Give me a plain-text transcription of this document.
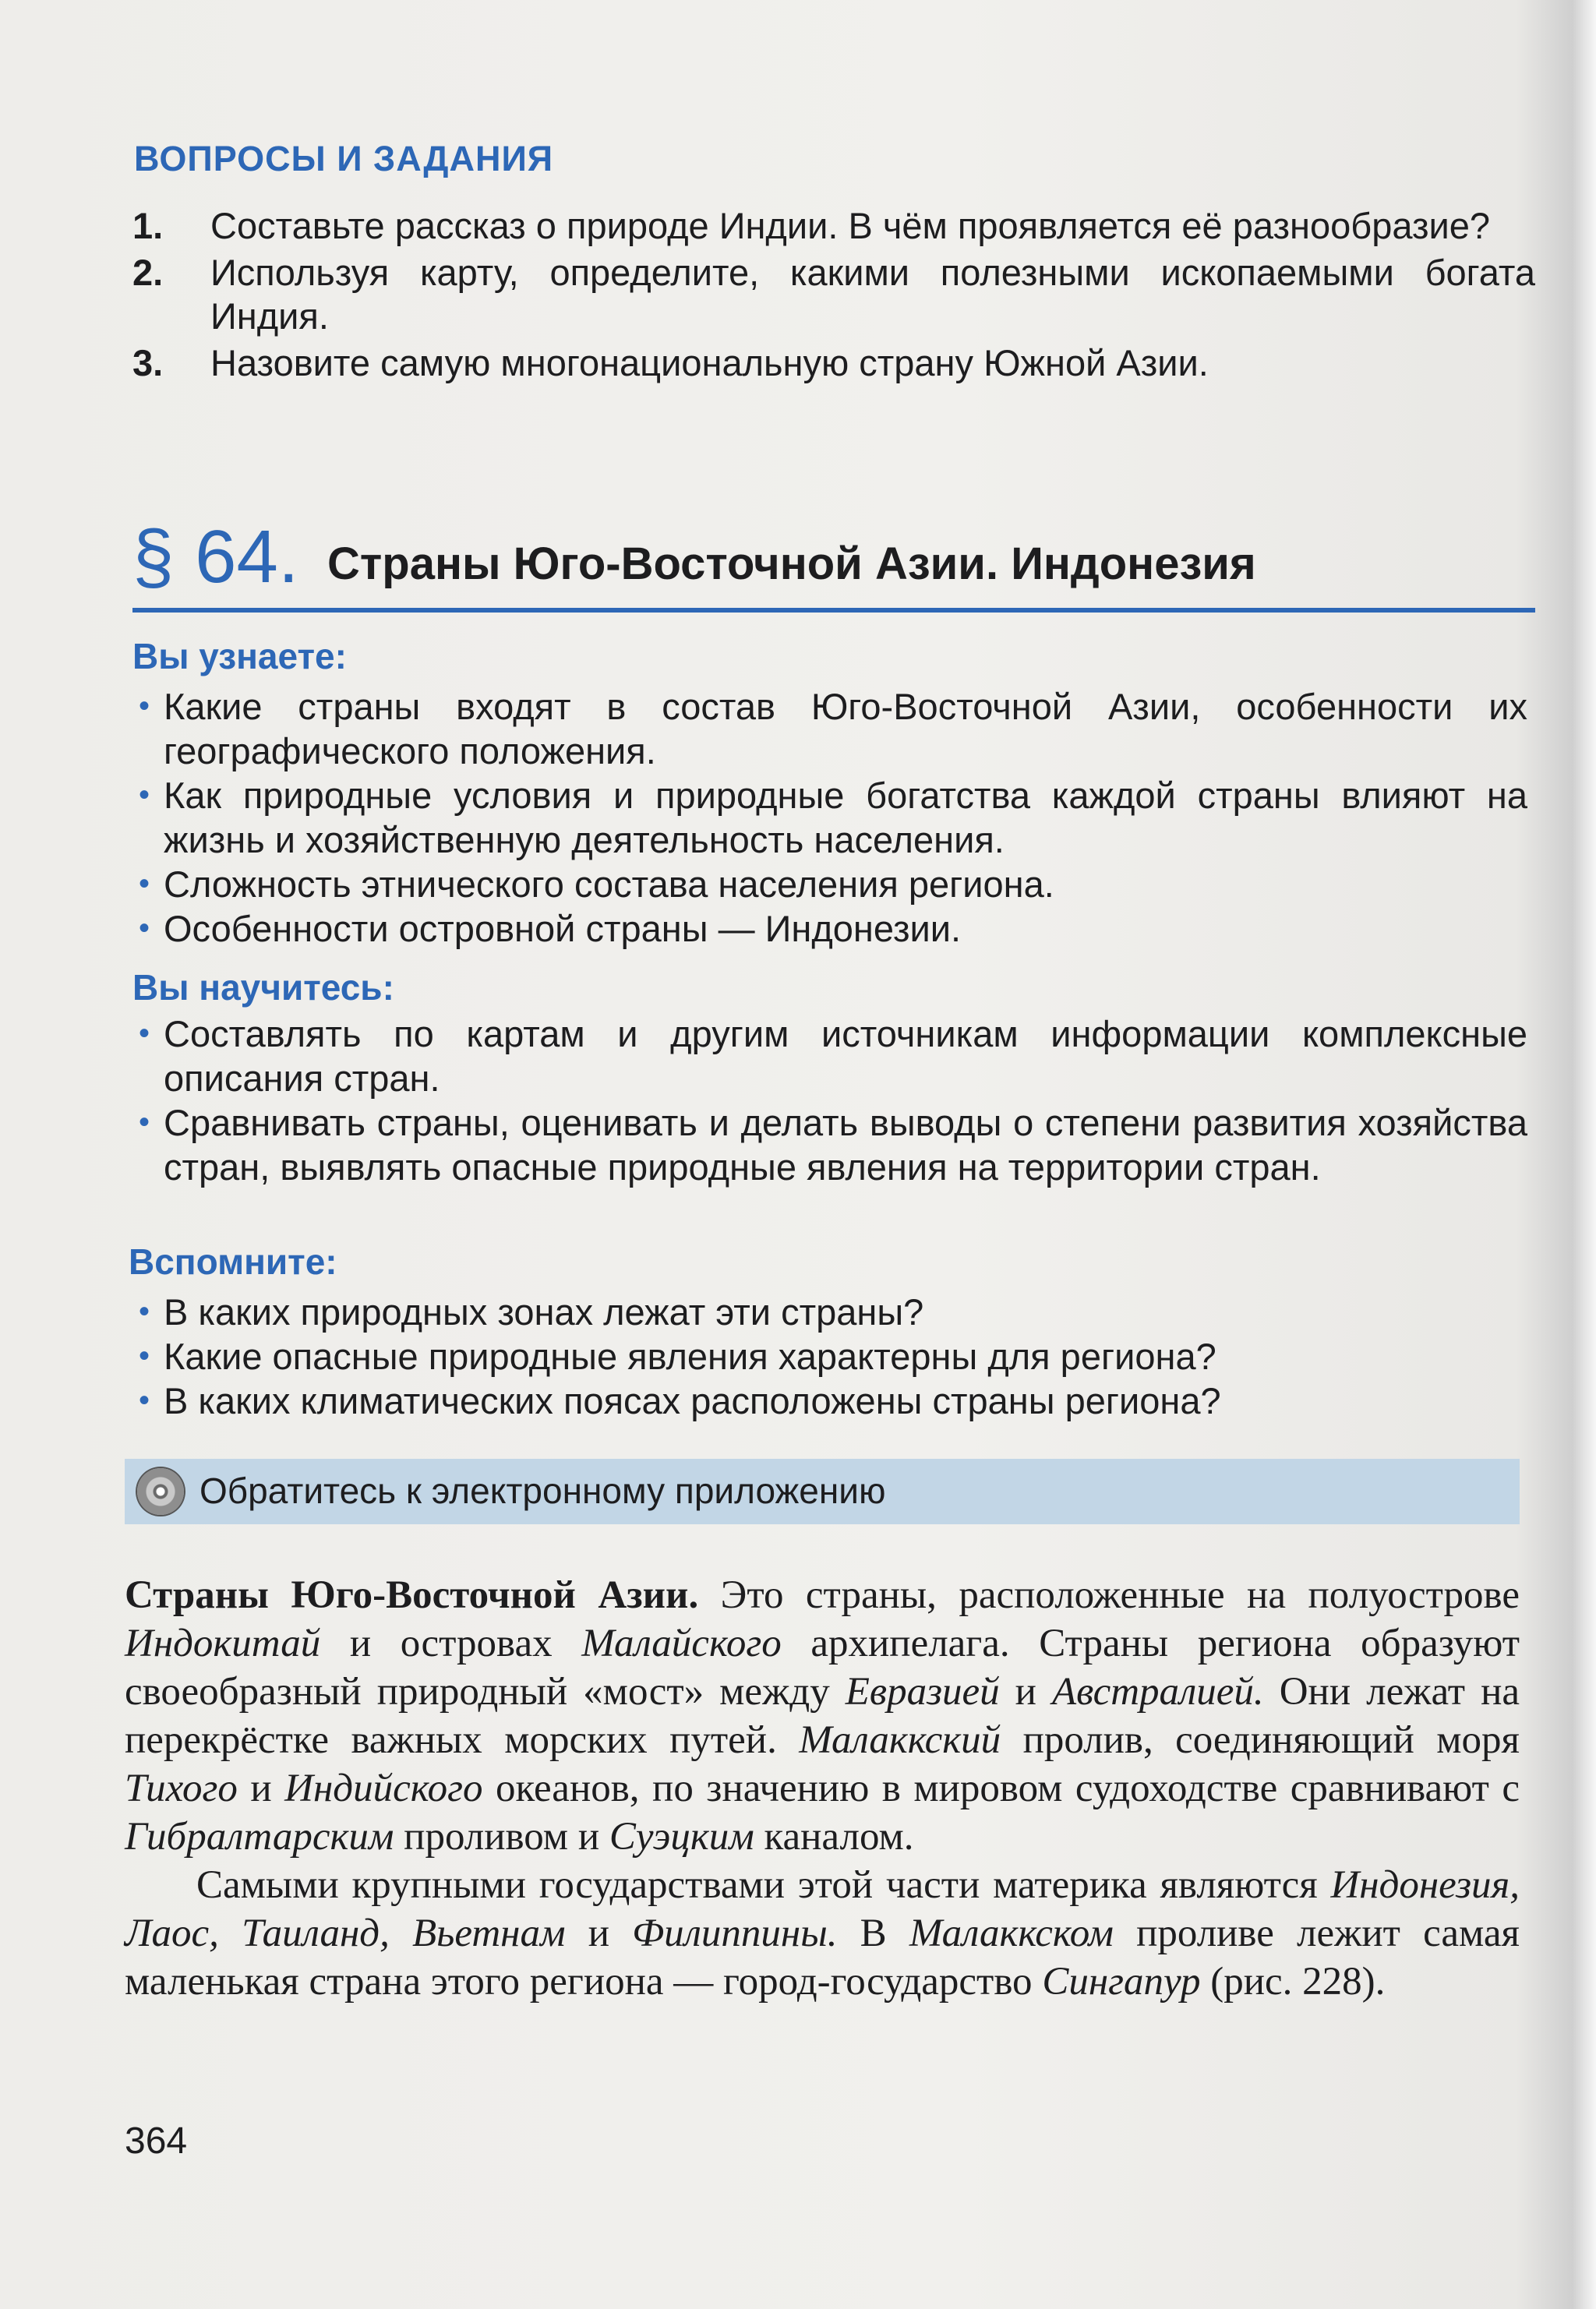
ВОПРОСЫ И ЗАДАНИЯ
1.	Составьте рассказ о природе Индии. В чём проявляется её разнообразие?
2.	Используя карту, определите, какими полезными ископаемыми богата Индия.
3.	Назовите самую многонациональную страну Южной Азии.
§ 64. Страны Юго-Восточной Азии. Индонезия
Вы узнаете:
• Какие страны входят в состав Юго-Восточной Азии, особенности их географического положения.
• Как природные условия и природные богатства каждой страны влияют на жизнь и хозяйственную деятельность населения.
• Сложность этнического состава населения региона.
• Особенности островной страны — Индонезии.
Вы научитесь:
• Составлять по картам и другим источникам информации комплексные описания стран.
• Сравнивать страны, оценивать и делать выводы о степени развития хозяйства стран, выявлять опасные природные явления на территории стран.
Вспомните:
• В каких природных зонах лежат эти страны?
• Какие опасные природные явления характерны для региона?
• В каких климатических поясах расположены страны региона?
Обратитесь к электронному приложению

Страны Юго-Восточной Азии. Это страны, расположенные на полуострове Индокитай и островах Малайского архипелага. Страны региона образуют своеобразный природный «мост» между Евразией и Австралией. Они лежат на перекрёстке важных морских путей. Малаккский пролив, соединяющий моря Тихого и Индийского океанов, по значению в мировом судоходстве сравнивают с Гибралтарским проливом и Суэцким каналом.

Самыми крупными государствами этой части материка являются Индонезия, Лаос, Таиланд, Вьетнам и Филиппины. В Малаккском проливе лежит самая маленькая страна этого региона — город-государство Сингапур (рис. 228).

364
